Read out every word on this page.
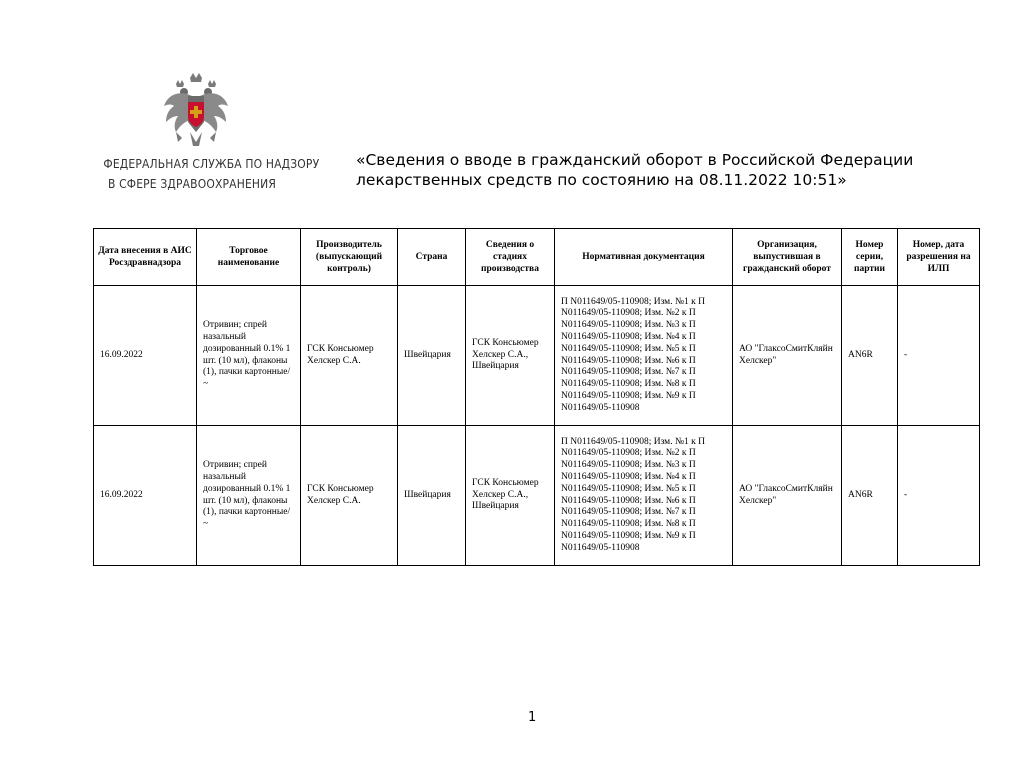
ФЕДЕРАЛЬНАЯ СЛУЖБА ПО НАДЗОРУ
В СФЕРЕ ЗДРАВООХРАНЕНИЯ
«Сведения о вводе в гражданский оборот в Российской Федерации
лекарственных средств по состоянию на 08.11.2022 10:51»
Дата внесения в АИС Росздравнадзора	Торговое наименование	Производитель (выпускающий контроль)	Страна	Сведения о стадиях производства	Нормативная документация	Организация, выпустившая в гражданский оборот	Номер серии, партии	Номер, дата разрешения на ИЛП
16.09.2022	Отривин; спрей назальный дозированный 0.1% 1 шт. (10 мл), флаконы (1), пачки картонные/ ~	ГСК Консьюмер Хелскер С.А.	Швейцария	ГСК Консьюмер Хелскер С.А., Швейцария	П N011649/05-110908; Изм. №1 к П N011649/05-110908; Изм. №2 к П N011649/05-110908; Изм. №3 к П N011649/05-110908; Изм. №4 к П N011649/05-110908; Изм. №5 к П N011649/05-110908; Изм. №6 к П N011649/05-110908; Изм. №7 к П N011649/05-110908; Изм. №8 к П N011649/05-110908; Изм. №9 к П N011649/05-110908	АО "ГлаксоСмитКляйн Хелскер"	AN6R	-
16.09.2022	Отривин; спрей назальный дозированный 0.1% 1 шт. (10 мл), флаконы (1), пачки картонные/ ~	ГСК Консьюмер Хелскер С.А.	Швейцария	ГСК Консьюмер Хелскер С.А., Швейцария	П N011649/05-110908; Изм. №1 к П N011649/05-110908; Изм. №2 к П N011649/05-110908; Изм. №3 к П N011649/05-110908; Изм. №4 к П N011649/05-110908; Изм. №5 к П N011649/05-110908; Изм. №6 к П N011649/05-110908; Изм. №7 к П N011649/05-110908; Изм. №8 к П N011649/05-110908; Изм. №9 к П N011649/05-110908	АО "ГлаксоСмитКляйн Хелскер"	AN6R	-
1
